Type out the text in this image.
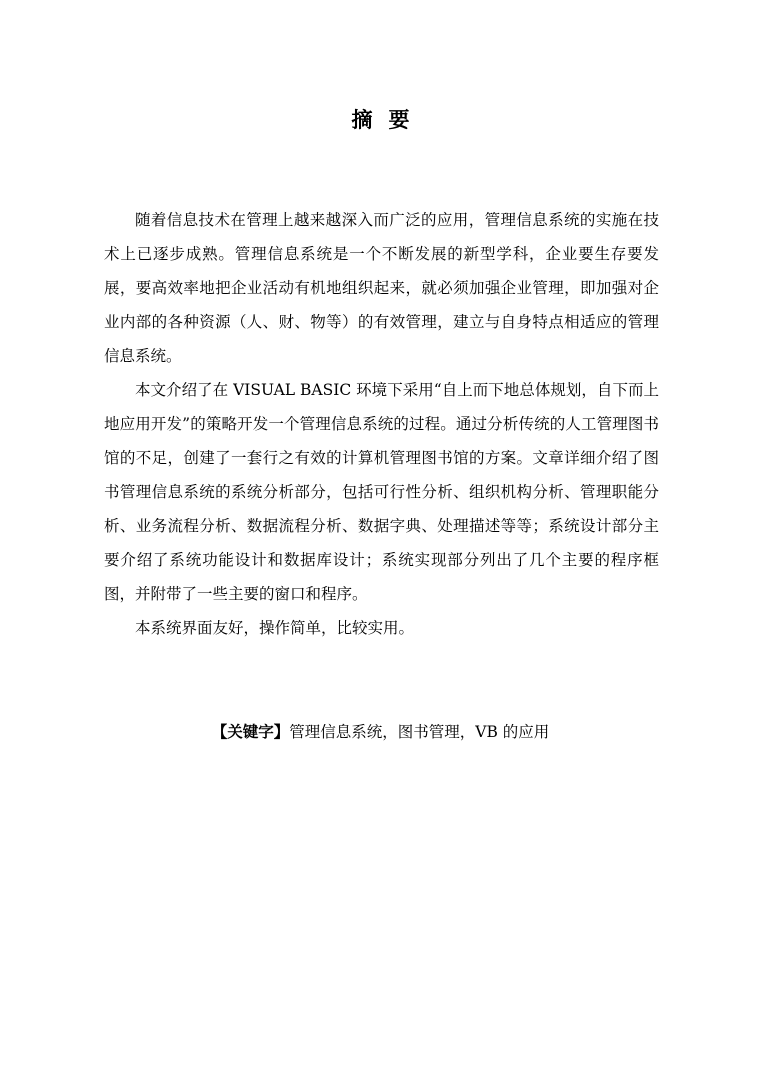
摘要

随着信息技术在管理上越来越深入而广泛的应用，管理信息系统的实施在技术上已逐步成熟。管理信息系统是一个不断发展的新型学科，企业要生存要发展，要高效率地把企业活动有机地组织起来，就必须加强企业管理，即加强对企业内部的各种资源（人、财、物等）的有效管理，建立与自身特点相适应的管理信息系统。

本文介绍了在 VISUAL BASIC 环境下采用“自上而下地总体规划，自下而上地应用开发”的策略开发一个管理信息系统的过程。通过分析传统的人工管理图书馆的不足，创建了一套行之有效的计算机管理图书馆的方案。文章详细介绍了图书管理信息系统的系统分析部分，包括可行性分析、组织机构分析、管理职能分析、业务流程分析、数据流程分析、数据字典、处理描述等等；系统设计部分主要介绍了系统功能设计和数据库设计；系统实现部分列出了几个主要的程序框图，并附带了一些主要的窗口和程序。

本系统界面友好，操作简单，比较实用。

【关键字】管理信息系统，图书管理，VB 的应用
